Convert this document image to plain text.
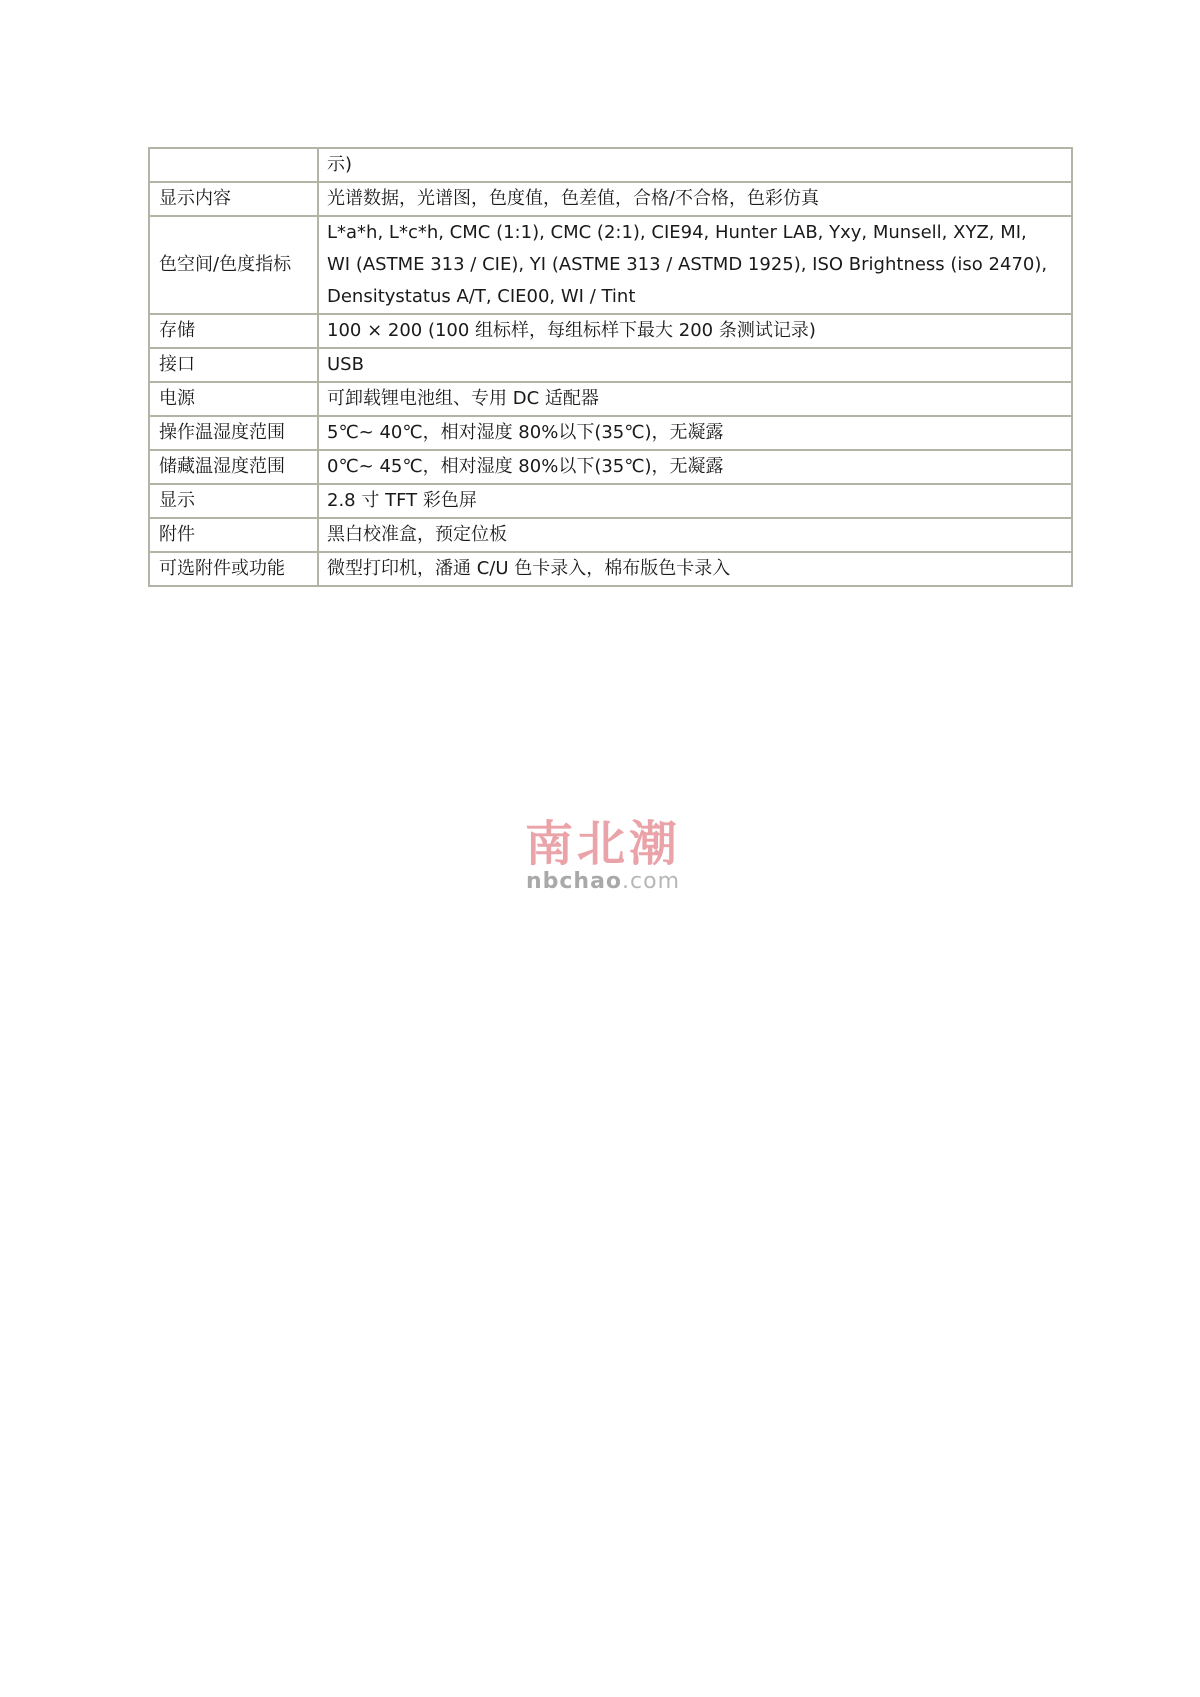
	示)
显示内容	光谱数据，光谱图，色度值，色差值，合格/不合格，色彩仿真
色空间/色度指标	L*a*h, L*c*h, CMC (1:1), CMC (2:1), CIE94, Hunter LAB, Yxy, Munsell, XYZ, MI,
WI (ASTME 313 / CIE), YI (ASTME 313 / ASTMD 1925), ISO Brightness (iso 2470),
Densitystatus A/T, CIE00, WI / Tint

存储	100 × 200 (100 组标样，每组标样下最大 200 条测试记录)
接口	USB
电源	可卸载锂电池组、专用 DC 适配器
操作温湿度范围	5℃~ 40℃，相对湿度 80%以下(35℃)，无凝露
储藏温湿度范围	0℃~ 45℃，相对湿度 80%以下(35℃)，无凝露
显示	2.8 寸 TFT 彩色屏
附件	黑白校准盒，预定位板
可选附件或功能	微型打印机，潘通 C/U 色卡录入，棉布版色卡录入
南北潮
nbchao.com
